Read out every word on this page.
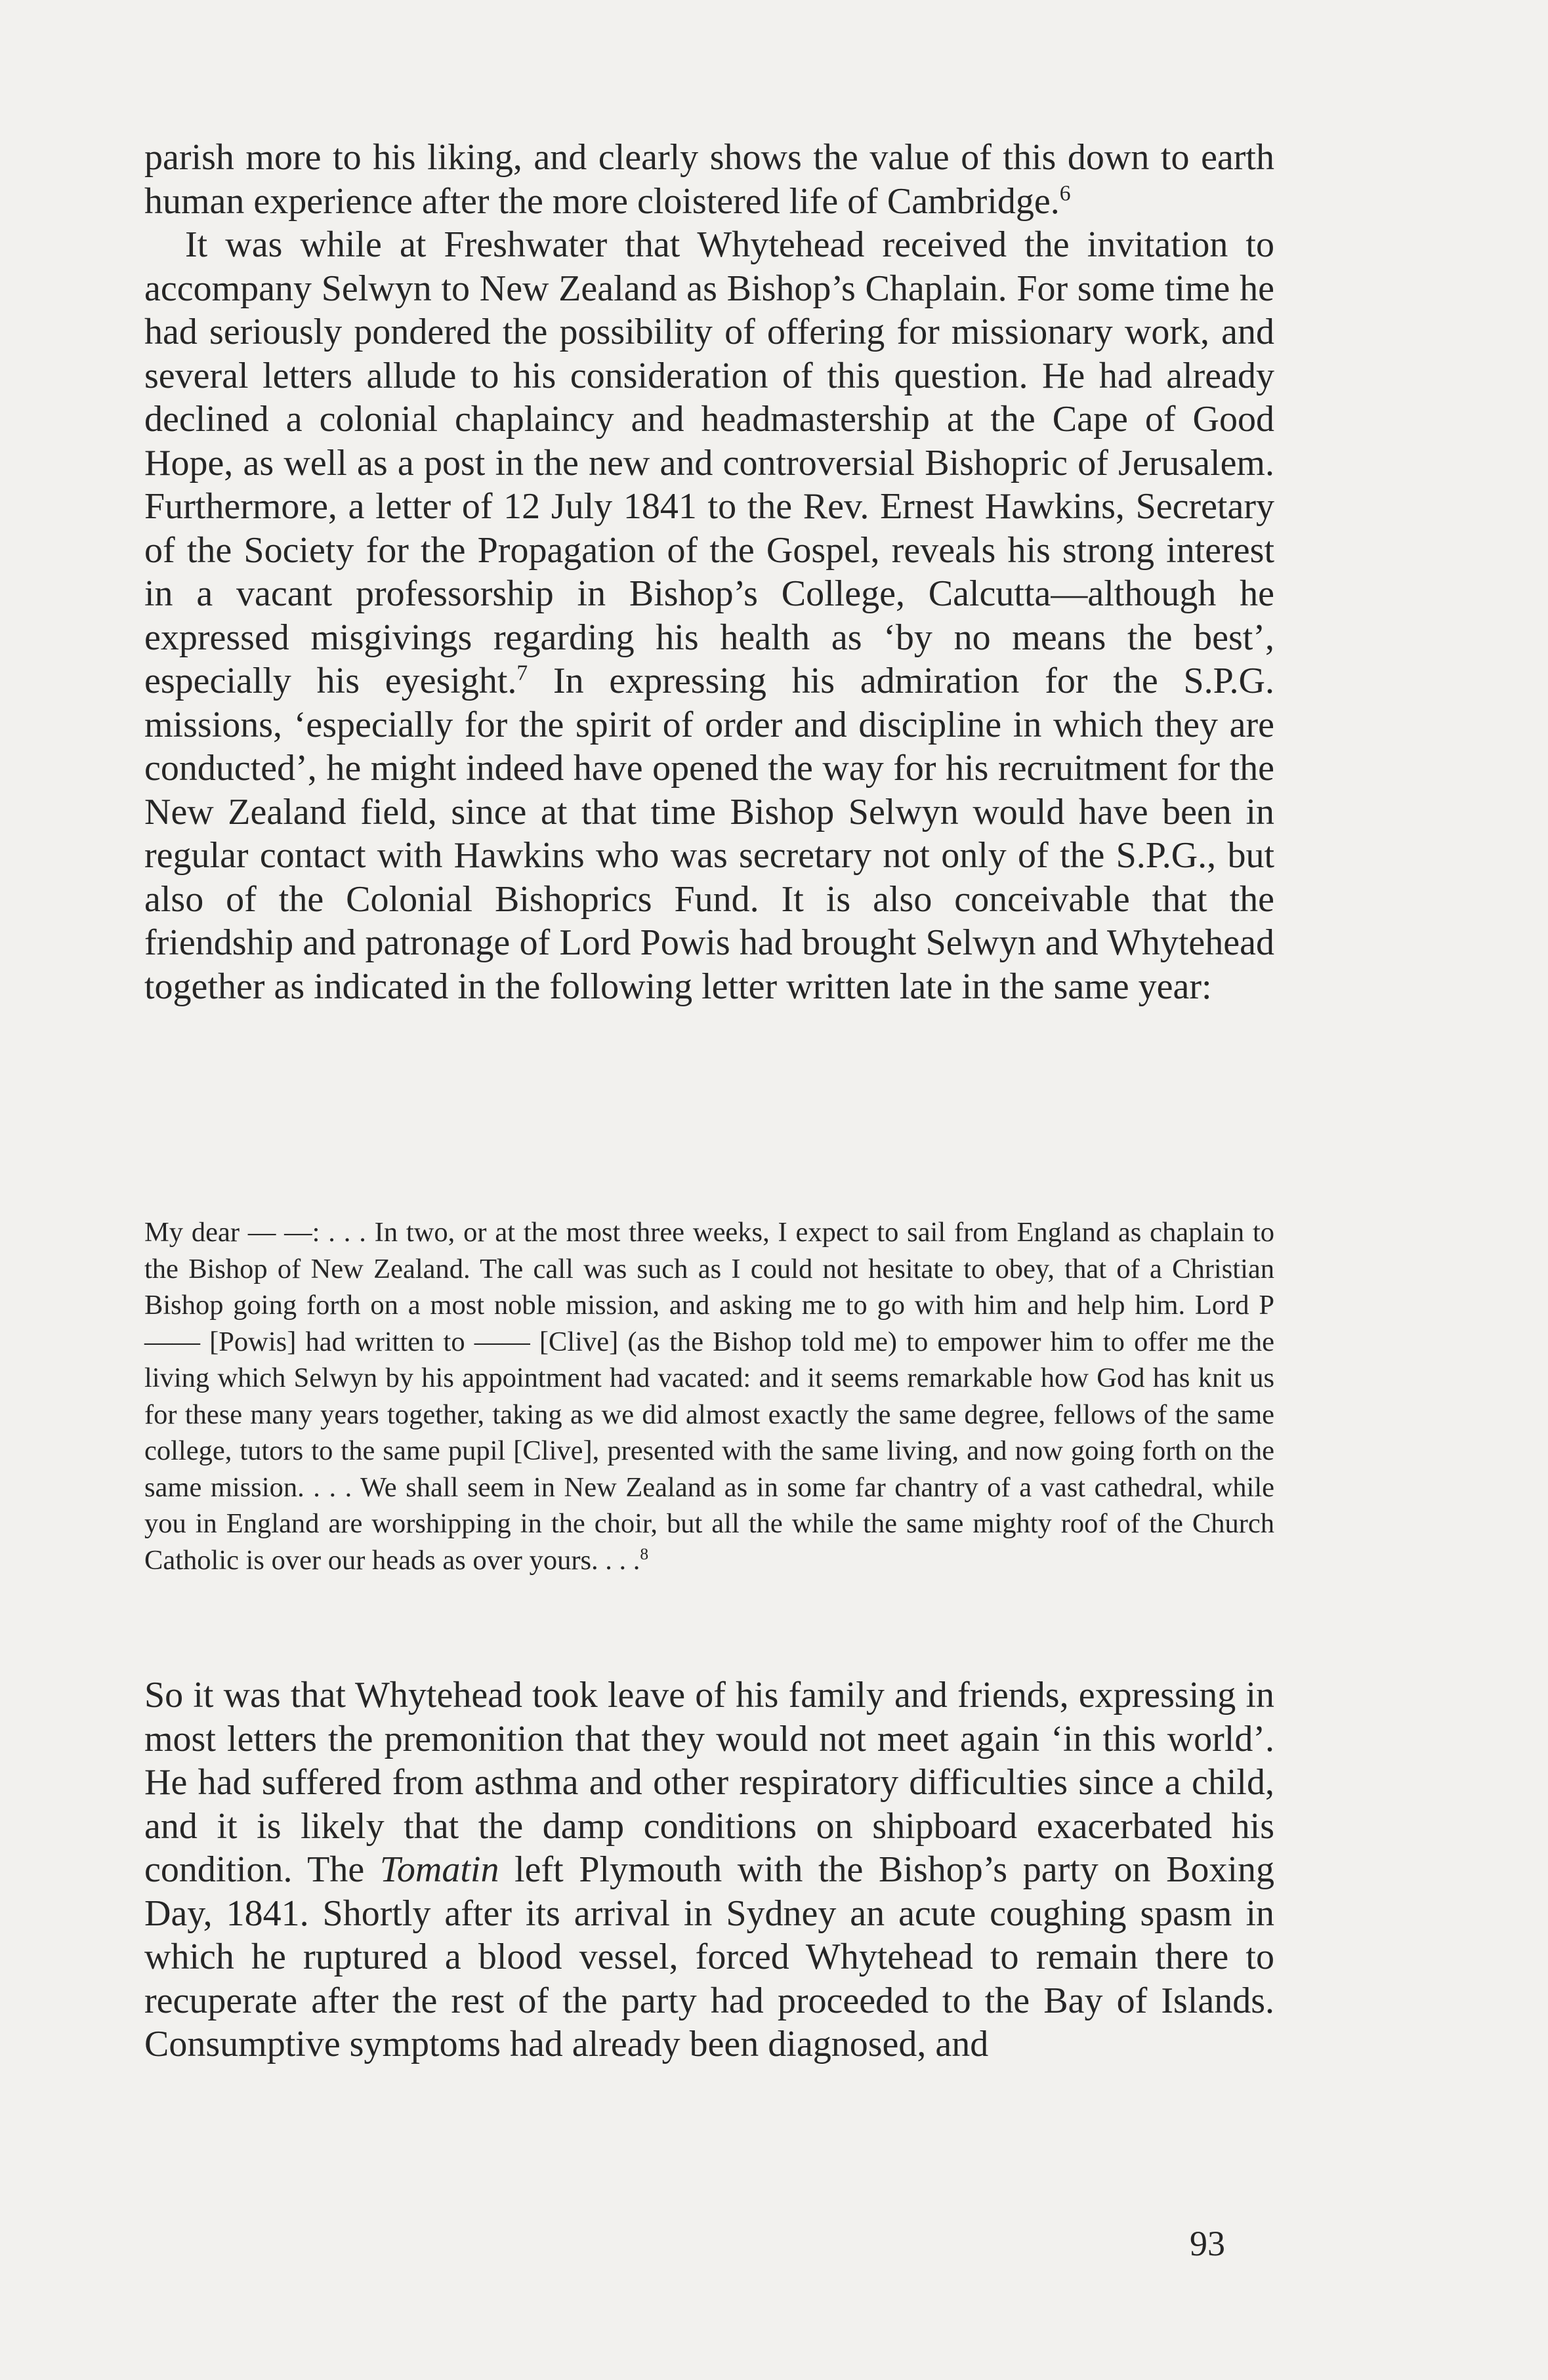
parish more to his liking, and clearly shows the value of this down to earth human experience after the more cloistered life of Cambridge.$^6$

It was while at Freshwater that Whytehead received the invitation to accompany Selwyn to New Zealand as Bishop’s Chaplain. For some time he had seriously pondered the possibility of offering for missionary work, and several letters allude to his consideration of this question. He had already declined a colonial chaplaincy and headmastership at the Cape of Good Hope, as well as a post in the new and controversial Bishopric of Jerusalem. Furthermore, a letter of 12 July 1841 to the Rev. Ernest Hawkins, Secretary of the Society for the Propagation of the Gospel, reveals his strong interest in a vacant professorship in Bishop’s College, Calcutta—although he expressed misgivings regarding his health as ‘by no means the best’, especially his eyesight.$^7$ In expressing his admiration for the S.P.G. missions, ‘especially for the spirit of order and discipline in which they are conducted’, he might indeed have opened the way for his recruitment for the New Zealand field, since at that time Bishop Selwyn would have been in regular contact with Hawkins who was secretary not only of the S.P.G., but also of the Colonial Bishoprics Fund. It is also conceivable that the friendship and patronage of Lord Powis had brought Selwyn and Whytehead together as indicated in the following letter written late in the same year:

My dear — —: . . . In two, or at the most three weeks, I expect to sail from England as chaplain to the Bishop of New Zealand. The call was such as I could not hesitate to obey, that of a Christian Bishop going forth on a most noble mission, and asking me to go with him and help him. Lord P —— [Powis] had written to —— [Clive] (as the Bishop told me) to empower him to offer me the living which Selwyn by his appointment had vacated: and it seems remarkable how God has knit us for these many years together, taking as we did almost exactly the same degree, fellows of the same college, tutors to the same pupil [Clive], presented with the same living, and now going forth on the same mission. . . . We shall seem in New Zealand as in some far chantry of a vast cathedral, while you in England are worshipping in the choir, but all the while the same mighty roof of the Church Catholic is over our heads as over yours. . . .$^8$

So it was that Whytehead took leave of his family and friends, expressing in most letters the premonition that they would not meet again ‘in this world’. He had suffered from asthma and other respiratory difficulties since a child, and it is likely that the damp conditions on shipboard exacerbated his condition. The Tomatin left Plymouth with the Bishop’s party on Boxing Day, 1841. Shortly after its arrival in Sydney an acute coughing spasm in which he ruptured a blood vessel, forced Whytehead to remain there to recuperate after the rest of the party had proceeded to the Bay of Islands. Consumptive symptoms had already been diagnosed, and

93
